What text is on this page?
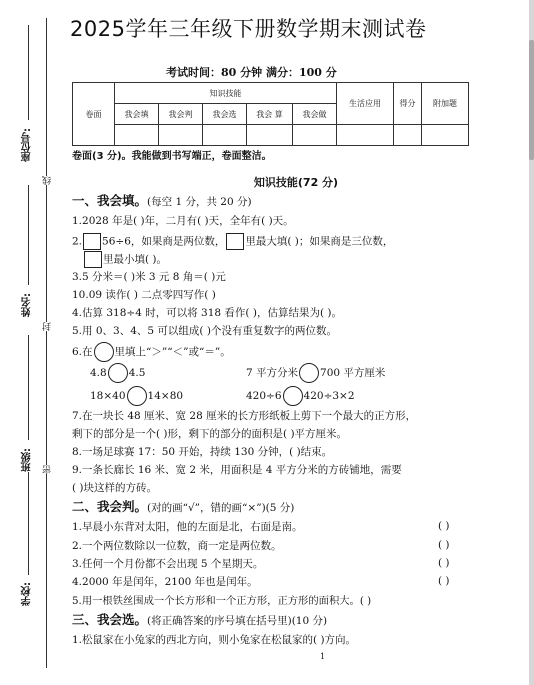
学校:
班级:
姓名:
座位号:
密
封
线
2025学年三年级下册数学期末测试卷
考试时间：80 分钟 满分：100 分
卷面	知识技能					生活应用	得分	附加题
	我会填	我会判	我会选	我会 算	我会做			

卷面(3 分)。我能做到书写端正，卷面整洁。
知识技能(72 分)
一、我会填。(每空 1 分，共 20 分)
1.2028 年是( )年，二月有( )天，全年有( )天。
2. 56÷6，如果商是两位数， 里最大填( )；如果商是三位数，
里最小填( )。
3.5 分米＝( )米 3 元 8 角＝( )元
10.09 读作( ) 二点零四写作( )
4.估算 318÷4 时，可以将 318 看作( )，估算结果为( )。
5.用 0、3、4、5 可以组成( )个没有重复数字的两位数。
6.在 里填上“＞”“＜”或“＝”。
4.8 4.5	7 平方分米 700 平方厘米
18×40 14×80	420÷6 420÷3×2
7.在一块长 48 厘米、宽 28 厘米的长方形纸板上剪下一个最大的正方形，
剩下的部分是一个( )形，剩下的部分的面积是( )平方厘米。
8.一场足球赛 17：50 开始，持续 130 分钟，( )结束。
9.一条长廊长 16 米、宽 2 米，用面积是 4 平方分米的方砖铺地，需要
( )块这样的方砖。
二、我会判。(对的画“√”，错的画“×”)(5 分)
1.早晨小东背对太阳，他的左面是北，右面是南。	( )
2.一个两位数除以一位数，商一定是两位数。	( )
3.任何一个月份都不会出现 5 个星期天。	( )
4.2000 年是闰年，2100 年也是闰年。	( )
5.用一根铁丝围成一个长方形和一个正方形，正方形的面积大。( )
三、我会选。(将正确答案的序号填在括号里)(10 分)
1.松鼠家在小兔家的西北方向，则小兔家在松鼠家的( )方向。
1
